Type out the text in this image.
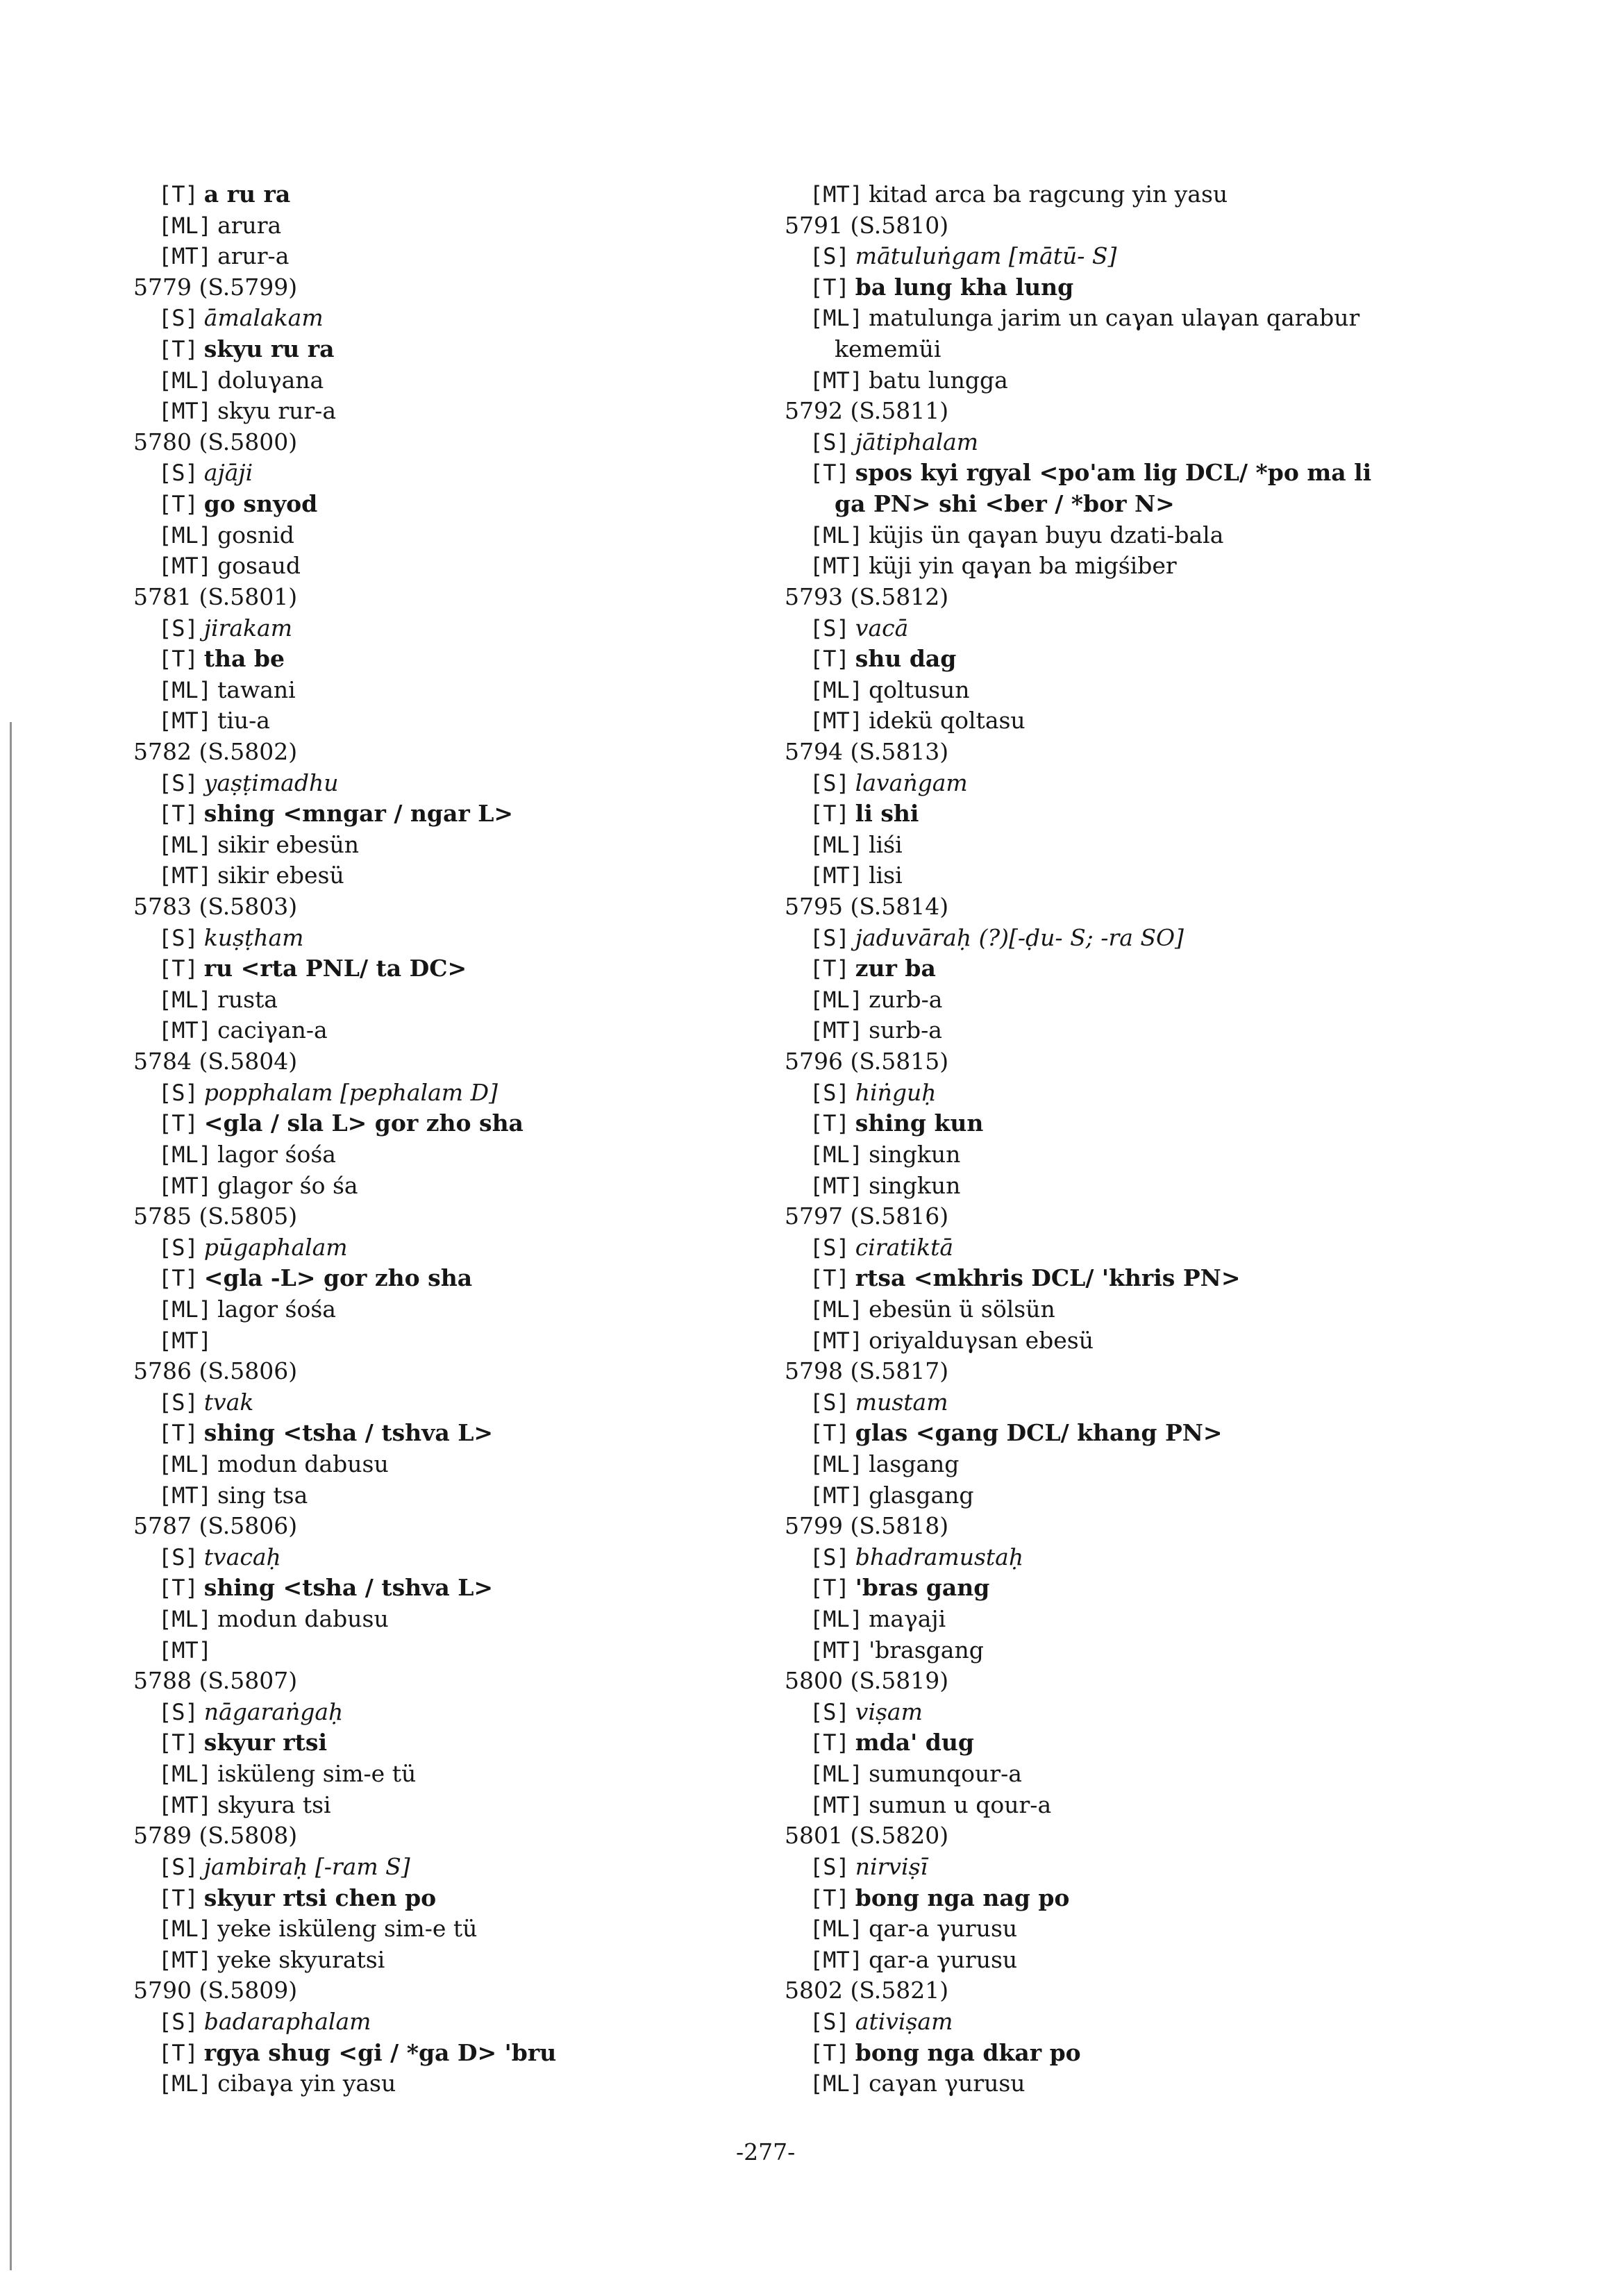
[T] a ru ra
[ML] arura
[MT] arur-a
5779 (S.5799)
[S] āmalakam
[T] skyu ru ra
[ML] doluγana
[MT] skyu rur-a
5780 (S.5800)
[S] ajāji
[T] go snyod
[ML] gosnid
[MT] gosaud
5781 (S.5801)
[S] jirakam
[T] tha be
[ML] tawani
[MT] tiu-a
5782 (S.5802)
[S] yaṣṭimadhu
[T] shing <mngar / ngar L>
[ML] sikir ebesün
[MT] sikir ebesü
5783 (S.5803)
[S] kuṣṭham
[T] ru <rta PNL/ ta DC>
[ML] rusta
[MT] caciγan-a
5784 (S.5804)
[S] popphalam [pephalam D]
[T] <gla / sla L> gor zho sha
[ML] lagor śośa
[MT] glagor śo śa
5785 (S.5805)
[S] pūgaphalam
[T] <gla -L> gor zho sha
[ML] lagor śośa
[MT]
5786 (S.5806)
[S] tvak
[T] shing <tsha / tshva L>
[ML] modun dabusu
[MT] sing tsa
5787 (S.5806)
[S] tvacaḥ
[T] shing <tsha / tshva L>
[ML] modun dabusu
[MT]
5788 (S.5807)
[S] nāgaraṅgaḥ
[T] skyur rtsi
[ML] isküleng sim-e tü
[MT] skyura tsi
5789 (S.5808)
[S] jambiraḥ [-ram S]
[T] skyur rtsi chen po
[ML] yeke isküleng sim-e tü
[MT] yeke skyuratsi
5790 (S.5809)
[S] badaraphalam
[T] rgya shug <gi / *ga D> 'bru
[ML] cibaγa yin yasu
[MT] kitad arca ba ragcung yin yasu
5791 (S.5810)
[S] mātuluṅgam [mātū- S]
[T] ba lung kha lung
[ML] matulunga jarim un caγan ulaγan qarabur
kememüi
[MT] batu lungga
5792 (S.5811)
[S] jātiphalam
[T] spos kyi rgyal <po'am lig DCL/ *po ma li
ga PN> shi <ber / *bor N>
[ML] küjis ün qaγan buyu dzati-bala
[MT] küji yin qaγan ba migśiber
5793 (S.5812)
[S] vacā
[T] shu dag
[ML] qoltusun
[MT] idekü qoltasu
5794 (S.5813)
[S] lavaṅgam
[T] li shi
[ML] liśi
[MT] lisi
5795 (S.5814)
[S] jaduvāraḥ (?)[-ḍu- S; -ra SO]
[T] zur ba
[ML] zurb-a
[MT] surb-a
5796 (S.5815)
[S] hiṅguḥ
[T] shing kun
[ML] singkun
[MT] singkun
5797 (S.5816)
[S] ciratiktā
[T] rtsa <mkhris DCL/ 'khris PN>
[ML] ebesün ü sölsün
[MT] oriyalduγsan ebesü
5798 (S.5817)
[S] mustam
[T] glas <gang DCL/ khang PN>
[ML] lasgang
[MT] glasgang
5799 (S.5818)
[S] bhadramustaḥ
[T] 'bras gang
[ML] maγaji
[MT] 'brasgang
5800 (S.5819)
[S] viṣam
[T] mda' dug
[ML] sumunqour-a
[MT] sumun u qour-a
5801 (S.5820)
[S] nirviṣī
[T] bong nga nag po
[ML] qar-a γurusu
[MT] qar-a γurusu
5802 (S.5821)
[S] ativiṣam
[T] bong nga dkar po
[ML] caγan γurusu
-277-
